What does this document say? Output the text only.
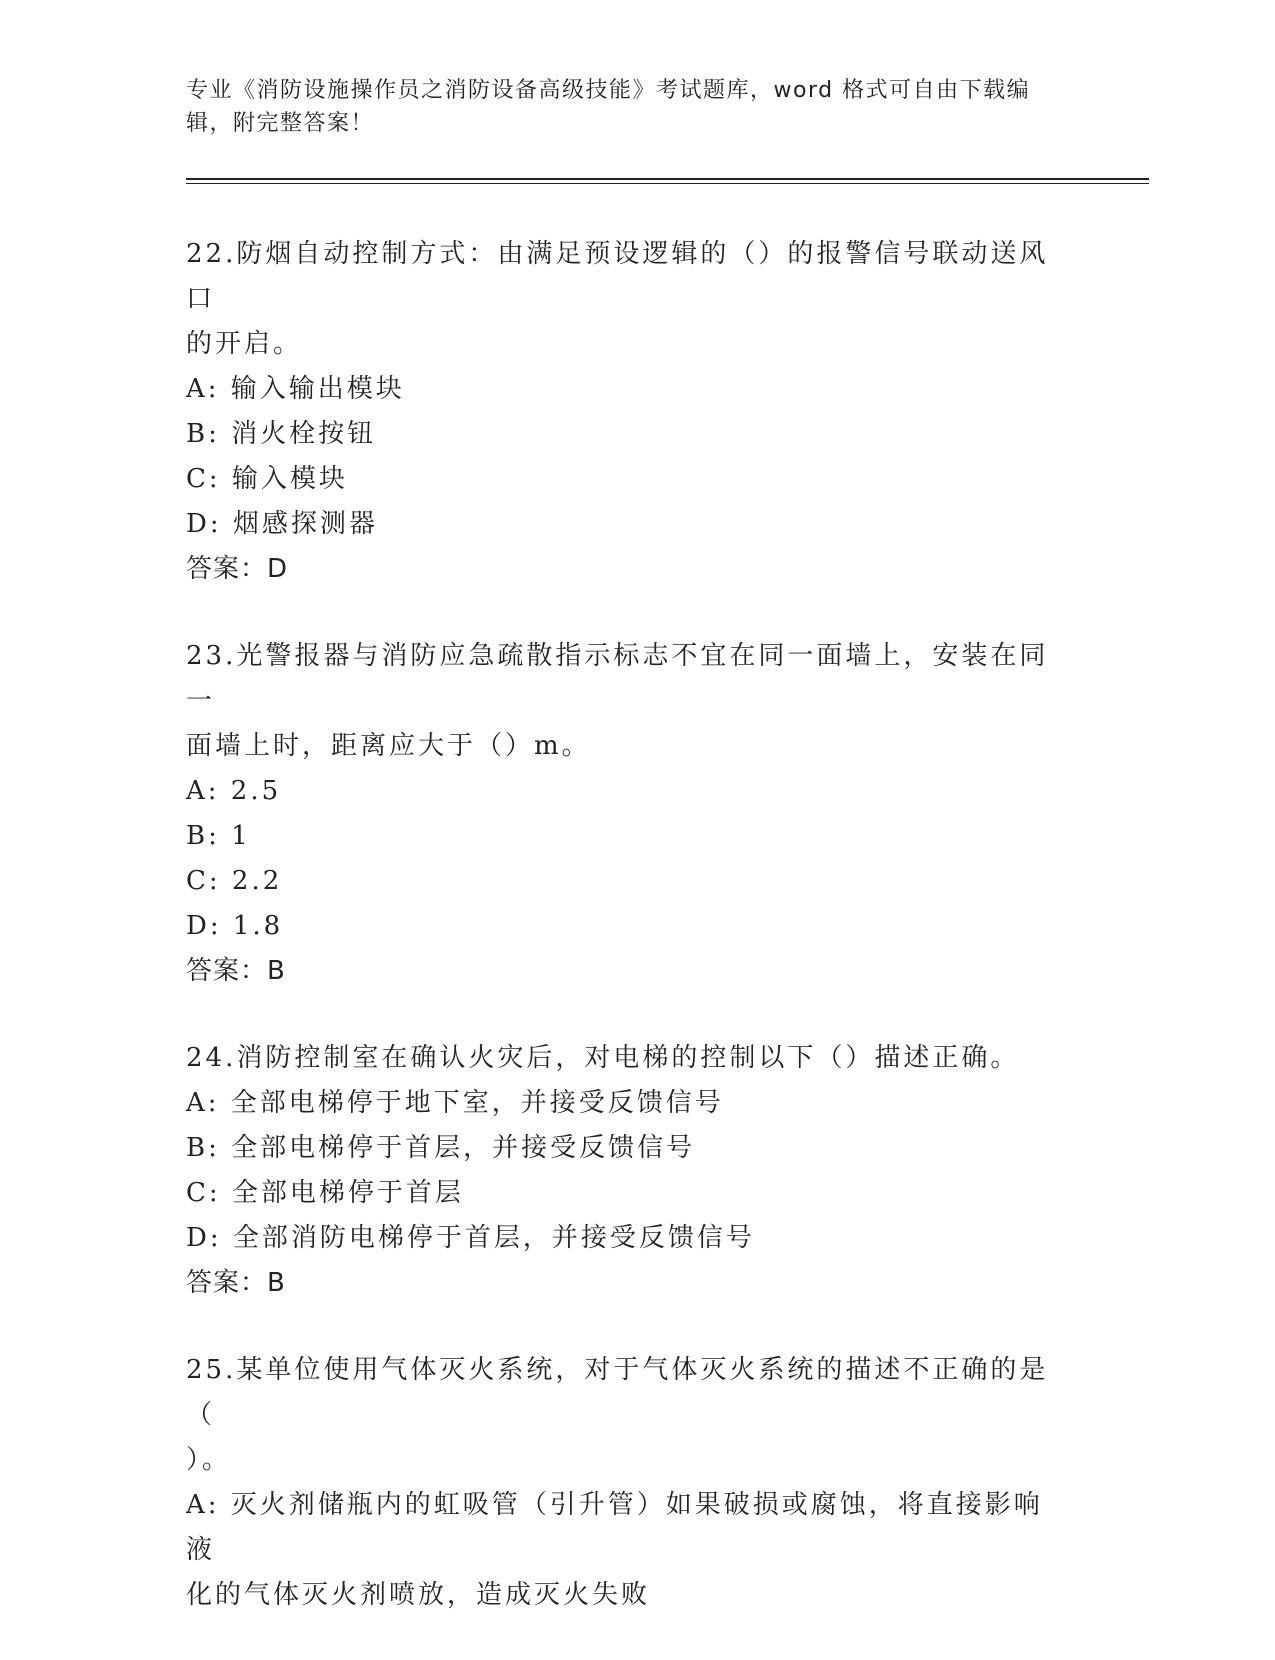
专业《消防设施操作员之消防设备高级技能》考试题库，word 格式可自由下载编
辑，附完整答案！
22.防烟自动控制方式：由满足预设逻辑的（）的报警信号联动送风口
的开启。
A: 输入输出模块
B: 消火栓按钮
C: 输入模块
D: 烟感探测器
答案：D
23.光警报器与消防应急疏散指示标志不宜在同一面墙上，安装在同一
面墙上时，距离应大于（）m。
A: 2.5
B: 1
C: 2.2
D: 1.8
答案：B
24.消防控制室在确认火灾后，对电梯的控制以下（）描述正确。
A: 全部电梯停于地下室，并接受反馈信号
B: 全部电梯停于首层，并接受反馈信号
C: 全部电梯停于首层
D: 全部消防电梯停于首层，并接受反馈信号
答案：B
25.某单位使用气体灭火系统，对于气体灭火系统的描述不正确的是（
）。
A: 灭火剂储瓶内的虹吸管（引升管）如果破损或腐蚀，将直接影响液
化的气体灭火剂喷放，造成灭火失败
